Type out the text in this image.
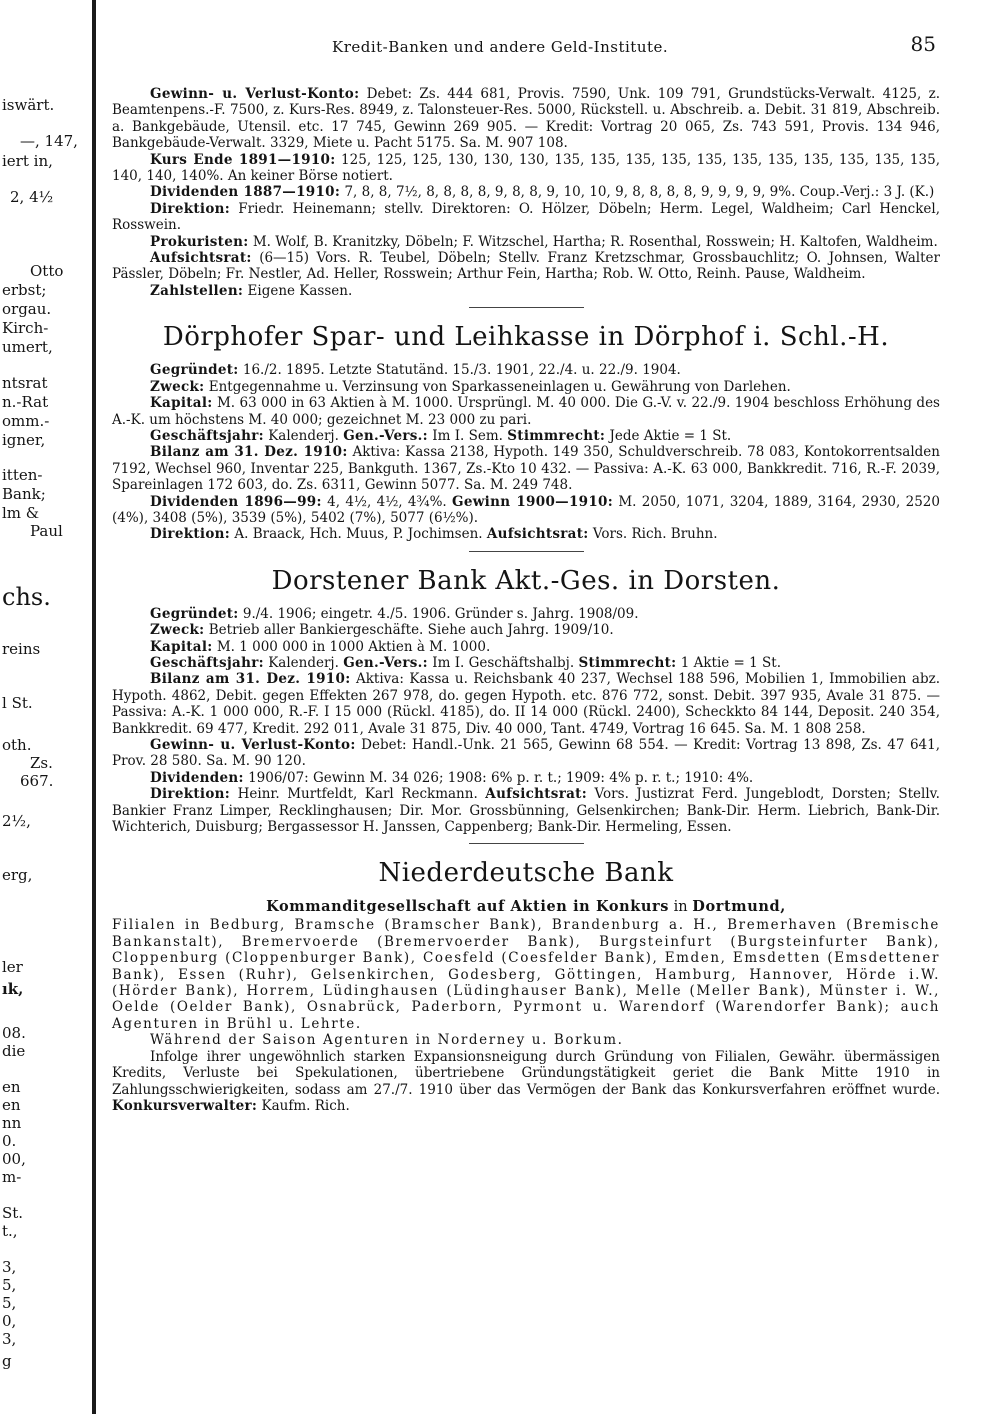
iswärt.
—, 147,
iert in,
2, 4½
Otto
erbst;
orgau.
Kirch-
umert,
ntsrat
n.-Rat
omm.-
igner,
itten-
Bank;
lm &
Paul
chs.
reins
l St.
oth.
Zs.
667.
2½,
erg,
ler
ık,
08.
die
en
en
nn
0.
00,
m-
St.
t.,
3,
5,
5,
0,
3,
g
Kredit-Banken und andere Geld-Institute.	85

Gewinn- u. Verlust-Konto: Debet: Zs. 444 681, Provis. 7590, Unk. 109 791, Grundstücks-Verwalt. 4125, z. Beamtenpens.-F. 7500, z. Kurs-Res. 8949, z. Talonsteuer-Res. 5000, Rückstell. u. Abschreib. a. Debit. 31 819, Abschreib. a. Bankgebäude, Utensil. etc. 17 745, Gewinn 269 905. — Kredit: Vortrag 20 065, Zs. 743 591, Provis. 134 946, Bankgebäude-Verwalt. 3329, Miete u. Pacht 5175. Sa. M. 907 108.

Kurs Ende 1891—1910: 125, 125, 125, 130, 130, 130, 135, 135, 135, 135, 135, 135, 135, 135, 135, 135, 135, 140, 140, 140%. An keiner Börse notiert.

Dividenden 1887—1910: 7, 8, 8, 7½, 8, 8, 8, 8, 9, 8, 8, 9, 10, 10, 9, 8, 8, 8, 8, 9, 9, 9, 9, 9%. Coup.-Verj.: 3 J. (K.)

Direktion: Friedr. Heinemann; stellv. Direktoren: O. Hölzer, Döbeln; Herm. Legel, Waldheim; Carl Henckel, Rosswein.

Prokuristen: M. Wolf, B. Kranitzky, Döbeln; F. Witzschel, Hartha; R. Rosenthal, Rosswein; H. Kaltofen, Waldheim.

Aufsichtsrat: (6—15) Vors. R. Teubel, Döbeln; Stellv. Franz Kretzschmar, Grossbauchlitz; O. Johnsen, Walter Pässler, Döbeln; Fr. Nestler, Ad. Heller, Rosswein; Arthur Fein, Hartha; Rob. W. Otto, Reinh. Pause, Waldheim.

Zahlstellen: Eigene Kassen.

Dörphofer Spar- und Leihkasse in Dörphof i. Schl.-H.

Gegründet: 16./2. 1895. Letzte Statutänd. 15./3. 1901, 22./4. u. 22./9. 1904.

Zweck: Entgegennahme u. Verzinsung von Sparkasseneinlagen u. Gewährung von Darlehen.

Kapital: M. 63 000 in 63 Aktien à M. 1000. Ursprüngl. M. 40 000. Die G.-V. v. 22./9. 1904 beschloss Erhöhung des A.-K. um höchstens M. 40 000; gezeichnet M. 23 000 zu pari.

Geschäftsjahr: Kalenderj. Gen.-Vers.: Im I. Sem. Stimmrecht: Jede Aktie = 1 St.

Bilanz am 31. Dez. 1910: Aktiva: Kassa 2138, Hypoth. 149 350, Schuldverschreib. 78 083, Kontokorrentsalden 7192, Wechsel 960, Inventar 225, Bankguth. 1367, Zs.-Kto 10 432. — Passiva: A.-K. 63 000, Bankkredit. 716, R.-F. 2039, Spareinlagen 172 603, do. Zs. 6311, Gewinn 5077. Sa. M. 249 748.

Dividenden 1896—99: 4, 4½, 4½, 4¾%. Gewinn 1900—1910: M. 2050, 1071, 3204, 1889, 3164, 2930, 2520 (4%), 3408 (5%), 3539 (5%), 5402 (7%), 5077 (6½%).

Direktion: A. Braack, Hch. Muus, P. Jochimsen. Aufsichtsrat: Vors. Rich. Bruhn.

Dorstener Bank Akt.-Ges. in Dorsten.

Gegründet: 9./4. 1906; eingetr. 4./5. 1906. Gründer s. Jahrg. 1908/09.

Zweck: Betrieb aller Bankiergeschäfte. Siehe auch Jahrg. 1909/10.

Kapital: M. 1 000 000 in 1000 Aktien à M. 1000.

Geschäftsjahr: Kalenderj. Gen.-Vers.: Im I. Geschäftshalbj. Stimmrecht: 1 Aktie = 1 St.

Bilanz am 31. Dez. 1910: Aktiva: Kassa u. Reichsbank 40 237, Wechsel 188 596, Mobilien 1, Immobilien abz. Hypoth. 4862, Debit. gegen Effekten 267 978, do. gegen Hypoth. etc. 876 772, sonst. Debit. 397 935, Avale 31 875. — Passiva: A.-K. 1 000 000, R.-F. I 15 000 (Rückl. 4185), do. II 14 000 (Rückl. 2400), Scheckkto 84 144, Deposit. 240 354, Bankkredit. 69 477, Kredit. 292 011, Avale 31 875, Div. 40 000, Tant. 4749, Vortrag 16 645. Sa. M. 1 808 258.

Gewinn- u. Verlust-Konto: Debet: Handl.-Unk. 21 565, Gewinn 68 554. — Kredit: Vortrag 13 898, Zs. 47 641, Prov. 28 580. Sa. M. 90 120.

Dividenden: 1906/07: Gewinn M. 34 026; 1908: 6% p. r. t.; 1909: 4% p. r. t.; 1910: 4%.

Direktion: Heinr. Murtfeldt, Karl Reckmann. Aufsichtsrat: Vors. Justizrat Ferd. Jungeblodt, Dorsten; Stellv. Bankier Franz Limper, Recklinghausen; Dir. Mor. Grossbünning, Gelsenkirchen; Bank-Dir. Herm. Liebrich, Bank-Dir. Wichterich, Duisburg; Bergassessor H. Janssen, Cappenberg; Bank-Dir. Hermeling, Essen.

Niederdeutsche Bank

Kommanditgesellschaft auf Aktien in Konkurs in Dortmund,

Filialen in Bedburg, Bramsche (Bramscher Bank), Brandenburg a. H., Bremerhaven (Bremische Bankanstalt), Bremervoerde (Bremervoerder Bank), Burgsteinfurt (Burgsteinfurter Bank), Cloppenburg (Cloppenburger Bank), Coesfeld (Coesfelder Bank), Emden, Emsdetten (Emsdettener Bank), Essen (Ruhr), Gelsenkirchen, Godesberg, Göttingen, Hamburg, Hannover, Hörde i.W. (Hörder Bank), Horrem, Lüdinghausen (Lüdinghauser Bank), Melle (Meller Bank), Münster i. W., Oelde (Oelder Bank), Osnabrück, Paderborn, Pyrmont u. Warendorf (Warendorfer Bank); auch Agenturen in Brühl u. Lehrte.

Während der Saison Agenturen in Norderney u. Borkum.

Infolge ihrer ungewöhnlich starken Expansionsneigung durch Gründung von Filialen, Gewähr. übermässigen Kredits, Verluste bei Spekulationen, übertriebene Gründungstätigkeit geriet die Bank Mitte 1910 in Zahlungsschwierigkeiten, sodass am 27./7. 1910 über das Vermögen der Bank das Konkursverfahren eröffnet wurde. Konkursverwalter: Kaufm. Rich.
